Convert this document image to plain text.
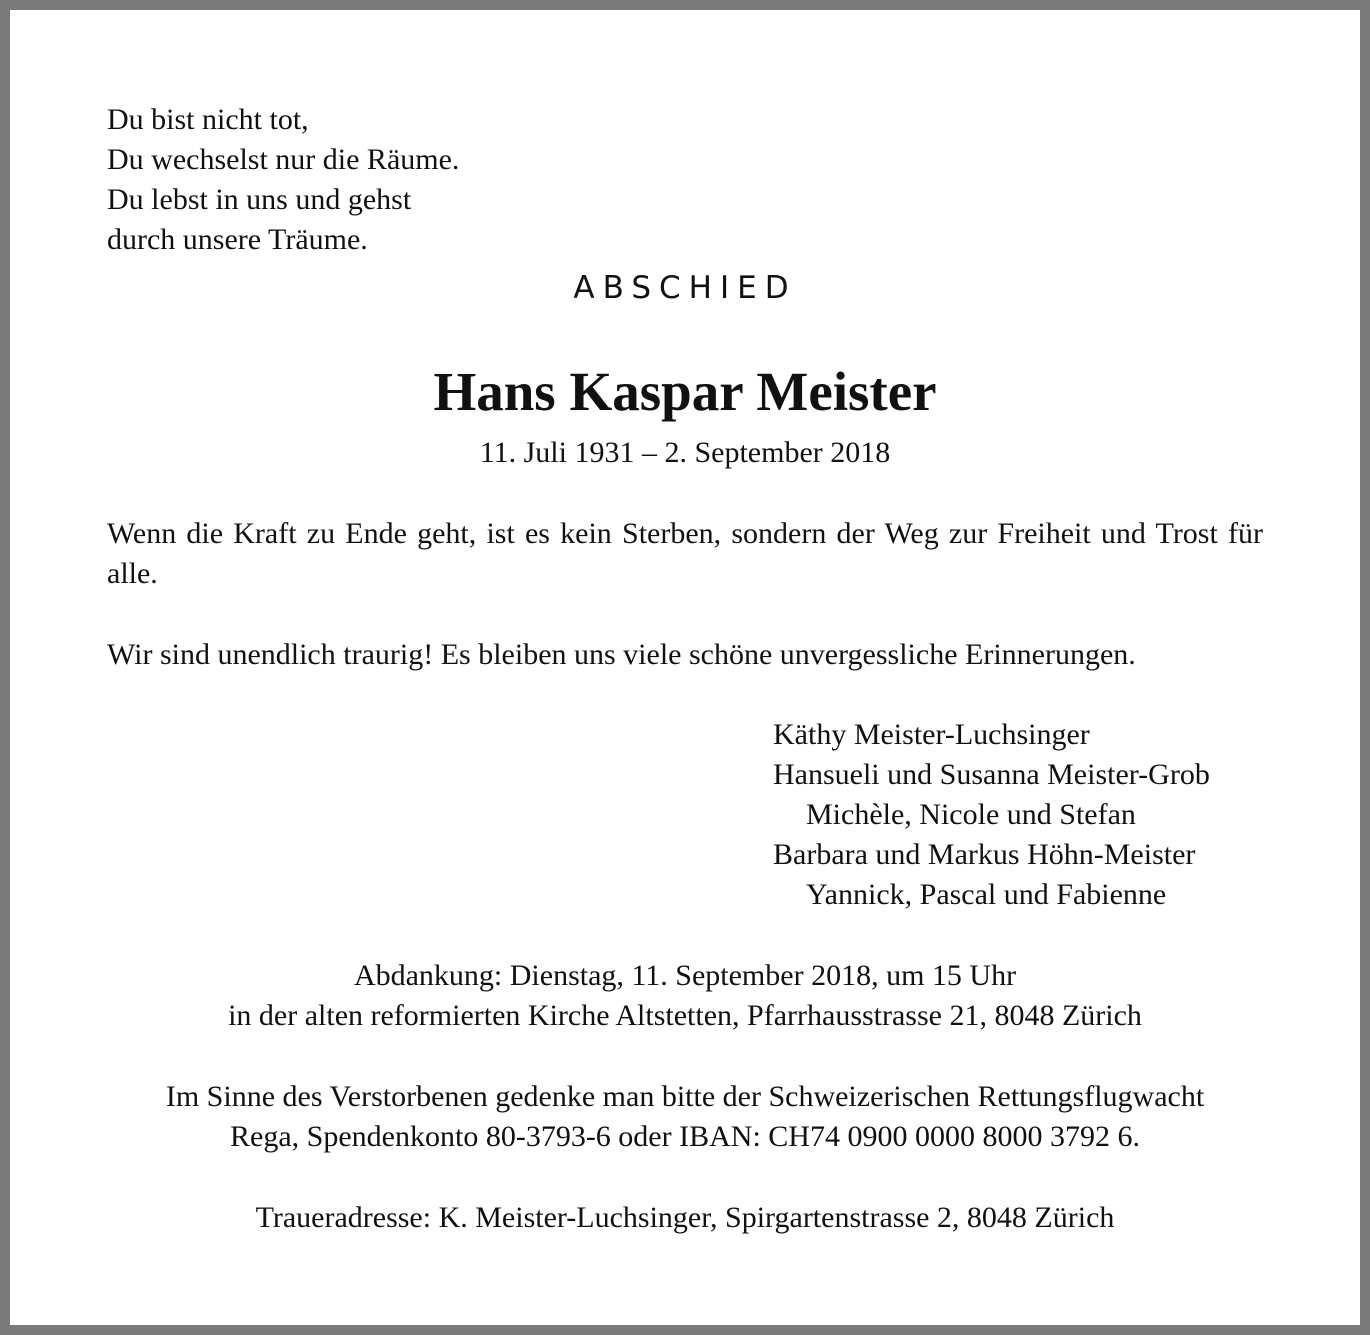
Du bist nicht tot,
Du wechselst nur die Räume.
Du lebst in uns und gehst
durch unsere Träume.
ABSCHIED
Hans Kaspar Meister
11. Juli 1931 – 2. September 2018
Wenn die Kraft zu Ende geht, ist es kein Sterben, sondern der Weg zur Freiheit und Trost für alle.
Wir sind unendlich traurig! Es bleiben uns viele schöne unvergessliche Erinnerungen.
Käthy Meister-Luchsinger
Hansueli und Susanna Meister-Grob
Michèle, Nicole und Stefan
Barbara und Markus Höhn-Meister
Yannick, Pascal und Fabienne
Abdankung: Dienstag, 11. September 2018, um 15 Uhr
in der alten reformierten Kirche Altstetten, Pfarrhausstrasse 21, 8048 Zürich
Im Sinne des Verstorbenen gedenke man bitte der Schweizerischen Rettungsflugwacht
Rega, Spendenkonto 80-3793-6 oder IBAN: CH74 0900 0000 8000 3792 6.
Traueradresse: K. Meister-Luchsinger, Spirgartenstrasse 2, 8048 Zürich
